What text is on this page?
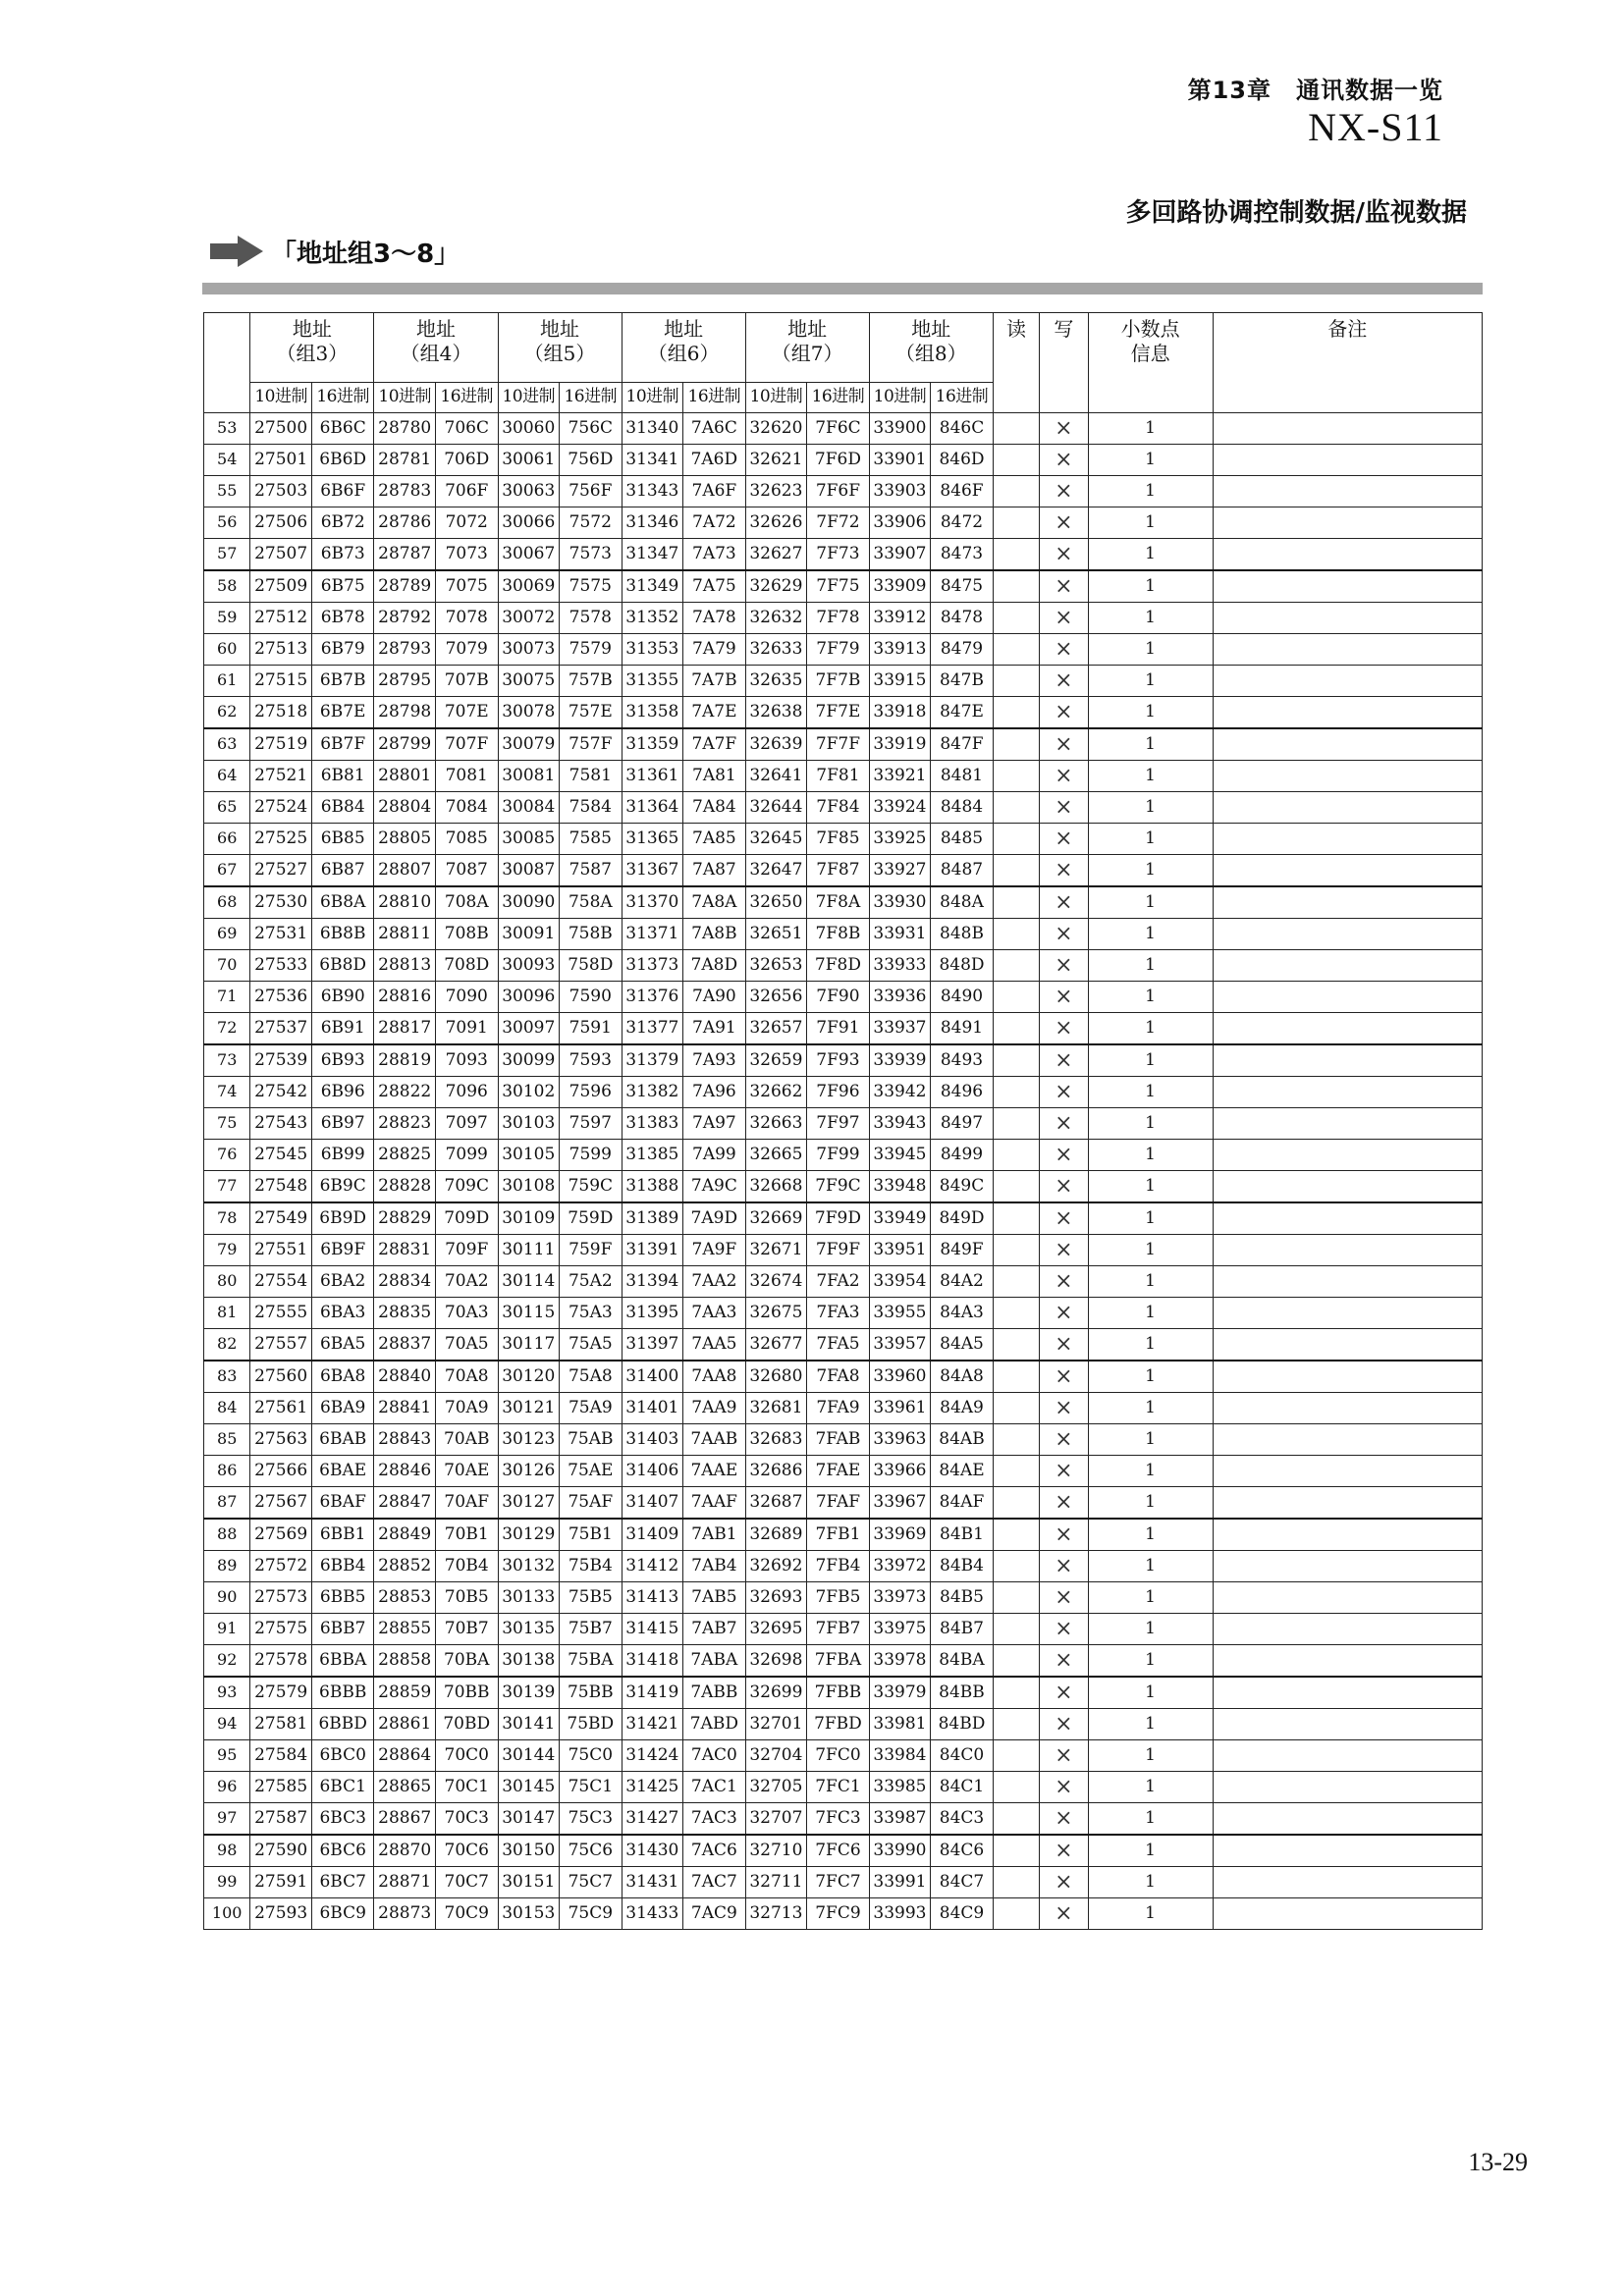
第13章　通讯数据一览
NX-S11
多回路协调控制数据/监视数据
「地址组3～8」
	地址
（组3）		地址
（组4）		地址
（组5）		地址
（组6）		地址
（组7）		地址
（组8）		读	写	小数点
信息	备注
	10进制	16进制	10进制	16进制	10进制	16进制	10进制	16进制	10进制	16进制	10进制	16进制				
53	27500	6B6C	28780	706C	30060	756C	31340	7A6C	32620	7F6C	33900	846C		×	1	
54	27501	6B6D	28781	706D	30061	756D	31341	7A6D	32621	7F6D	33901	846D		×	1	
55	27503	6B6F	28783	706F	30063	756F	31343	7A6F	32623	7F6F	33903	846F		×	1	
56	27506	6B72	28786	7072	30066	7572	31346	7A72	32626	7F72	33906	8472		×	1	
57	27507	6B73	28787	7073	30067	7573	31347	7A73	32627	7F73	33907	8473		×	1	
58	27509	6B75	28789	7075	30069	7575	31349	7A75	32629	7F75	33909	8475		×	1	
59	27512	6B78	28792	7078	30072	7578	31352	7A78	32632	7F78	33912	8478		×	1	
60	27513	6B79	28793	7079	30073	7579	31353	7A79	32633	7F79	33913	8479		×	1	
61	27515	6B7B	28795	707B	30075	757B	31355	7A7B	32635	7F7B	33915	847B		×	1	
62	27518	6B7E	28798	707E	30078	757E	31358	7A7E	32638	7F7E	33918	847E		×	1	
63	27519	6B7F	28799	707F	30079	757F	31359	7A7F	32639	7F7F	33919	847F		×	1	
64	27521	6B81	28801	7081	30081	7581	31361	7A81	32641	7F81	33921	8481		×	1	
65	27524	6B84	28804	7084	30084	7584	31364	7A84	32644	7F84	33924	8484		×	1	
66	27525	6B85	28805	7085	30085	7585	31365	7A85	32645	7F85	33925	8485		×	1	
67	27527	6B87	28807	7087	30087	7587	31367	7A87	32647	7F87	33927	8487		×	1	
68	27530	6B8A	28810	708A	30090	758A	31370	7A8A	32650	7F8A	33930	848A		×	1	
69	27531	6B8B	28811	708B	30091	758B	31371	7A8B	32651	7F8B	33931	848B		×	1	
70	27533	6B8D	28813	708D	30093	758D	31373	7A8D	32653	7F8D	33933	848D		×	1	
71	27536	6B90	28816	7090	30096	7590	31376	7A90	32656	7F90	33936	8490		×	1	
72	27537	6B91	28817	7091	30097	7591	31377	7A91	32657	7F91	33937	8491		×	1	
73	27539	6B93	28819	7093	30099	7593	31379	7A93	32659	7F93	33939	8493		×	1	
74	27542	6B96	28822	7096	30102	7596	31382	7A96	32662	7F96	33942	8496		×	1	
75	27543	6B97	28823	7097	30103	7597	31383	7A97	32663	7F97	33943	8497		×	1	
76	27545	6B99	28825	7099	30105	7599	31385	7A99	32665	7F99	33945	8499		×	1	
77	27548	6B9C	28828	709C	30108	759C	31388	7A9C	32668	7F9C	33948	849C		×	1	
78	27549	6B9D	28829	709D	30109	759D	31389	7A9D	32669	7F9D	33949	849D		×	1	
79	27551	6B9F	28831	709F	30111	759F	31391	7A9F	32671	7F9F	33951	849F		×	1	
80	27554	6BA2	28834	70A2	30114	75A2	31394	7AA2	32674	7FA2	33954	84A2		×	1	
81	27555	6BA3	28835	70A3	30115	75A3	31395	7AA3	32675	7FA3	33955	84A3		×	1	
82	27557	6BA5	28837	70A5	30117	75A5	31397	7AA5	32677	7FA5	33957	84A5		×	1	
83	27560	6BA8	28840	70A8	30120	75A8	31400	7AA8	32680	7FA8	33960	84A8		×	1	
84	27561	6BA9	28841	70A9	30121	75A9	31401	7AA9	32681	7FA9	33961	84A9		×	1	
85	27563	6BAB	28843	70AB	30123	75AB	31403	7AAB	32683	7FAB	33963	84AB		×	1	
86	27566	6BAE	28846	70AE	30126	75AE	31406	7AAE	32686	7FAE	33966	84AE		×	1	
87	27567	6BAF	28847	70AF	30127	75AF	31407	7AAF	32687	7FAF	33967	84AF		×	1	
88	27569	6BB1	28849	70B1	30129	75B1	31409	7AB1	32689	7FB1	33969	84B1		×	1	
89	27572	6BB4	28852	70B4	30132	75B4	31412	7AB4	32692	7FB4	33972	84B4		×	1	
90	27573	6BB5	28853	70B5	30133	75B5	31413	7AB5	32693	7FB5	33973	84B5		×	1	
91	27575	6BB7	28855	70B7	30135	75B7	31415	7AB7	32695	7FB7	33975	84B7		×	1	
92	27578	6BBA	28858	70BA	30138	75BA	31418	7ABA	32698	7FBA	33978	84BA		×	1	
93	27579	6BBB	28859	70BB	30139	75BB	31419	7ABB	32699	7FBB	33979	84BB		×	1	
94	27581	6BBD	28861	70BD	30141	75BD	31421	7ABD	32701	7FBD	33981	84BD		×	1	
95	27584	6BC0	28864	70C0	30144	75C0	31424	7AC0	32704	7FC0	33984	84C0		×	1	
96	27585	6BC1	28865	70C1	30145	75C1	31425	7AC1	32705	7FC1	33985	84C1		×	1	
97	27587	6BC3	28867	70C3	30147	75C3	31427	7AC3	32707	7FC3	33987	84C3		×	1	
98	27590	6BC6	28870	70C6	30150	75C6	31430	7AC6	32710	7FC6	33990	84C6		×	1	
99	27591	6BC7	28871	70C7	30151	75C7	31431	7AC7	32711	7FC7	33991	84C7		×	1	
100	27593	6BC9	28873	70C9	30153	75C9	31433	7AC9	32713	7FC9	33993	84C9		×	1	
13-29
